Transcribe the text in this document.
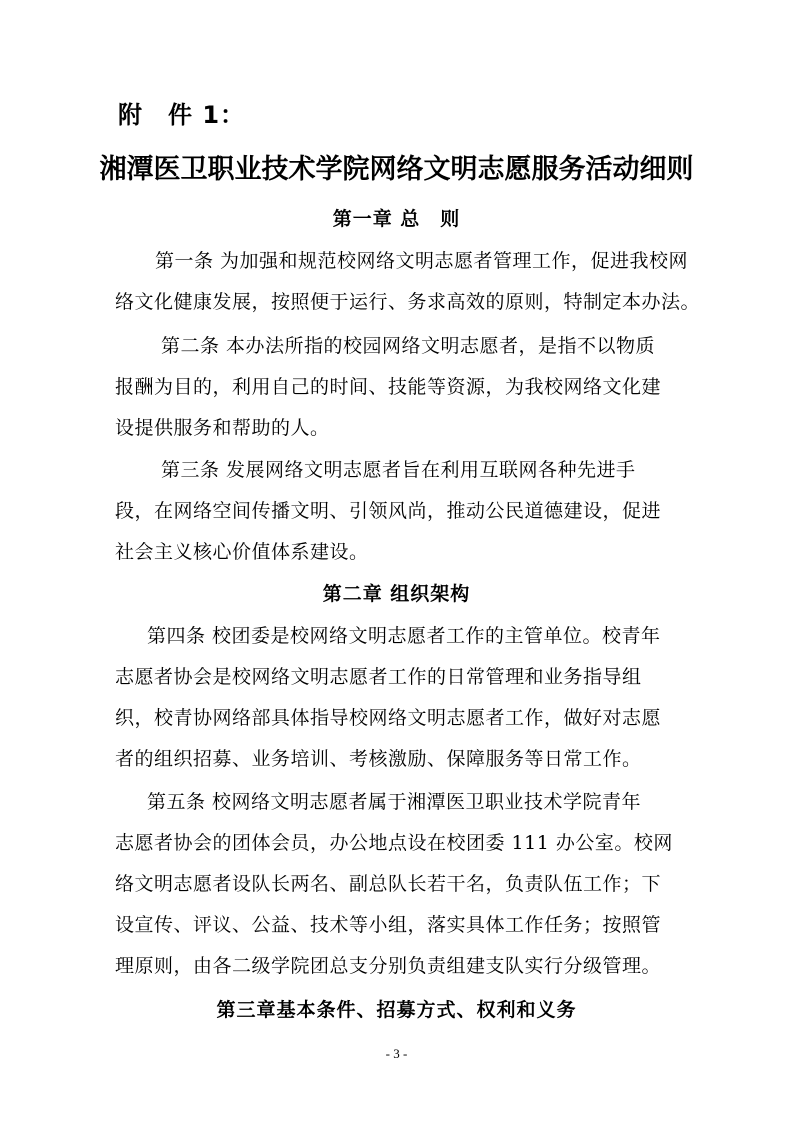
附　件 1：
湘潭医卫职业技术学院网络文明志愿服务活动细则
第一章 总　则
第一条 为加强和规范校网络文明志愿者管理工作，促进我校网
络文化健康发展，按照便于运行、务求高效的原则，特制定本办法。
第二条 本办法所指的校园网络文明志愿者，是指不以物质
报酬为目的，利用自己的时间、技能等资源，为我校网络文化建
设提供服务和帮助的人。
第三条 发展网络文明志愿者旨在利用互联网各种先进手
段，在网络空间传播文明、引领风尚，推动公民道德建设，促进
社会主义核心价值体系建设。
第二章 组织架构
第四条 校团委是校网络文明志愿者工作的主管单位。校青年
志愿者协会是校网络文明志愿者工作的日常管理和业务指导组
织，校青协网络部具体指导校网络文明志愿者工作，做好对志愿
者的组织招募、业务培训、考核激励、保障服务等日常工作。
第五条 校网络文明志愿者属于湘潭医卫职业技术学院青年
志愿者协会的团体会员，办公地点设在校团委 111 办公室。校网
络文明志愿者设队长两名、副总队长若干名，负责队伍工作；下
设宣传、评议、公益、技术等小组，落实具体工作任务；按照管
理原则，由各二级学院团总支分别负责组建支队实行分级管理。
第三章基本条件、招募方式、权利和义务
- 3 -
